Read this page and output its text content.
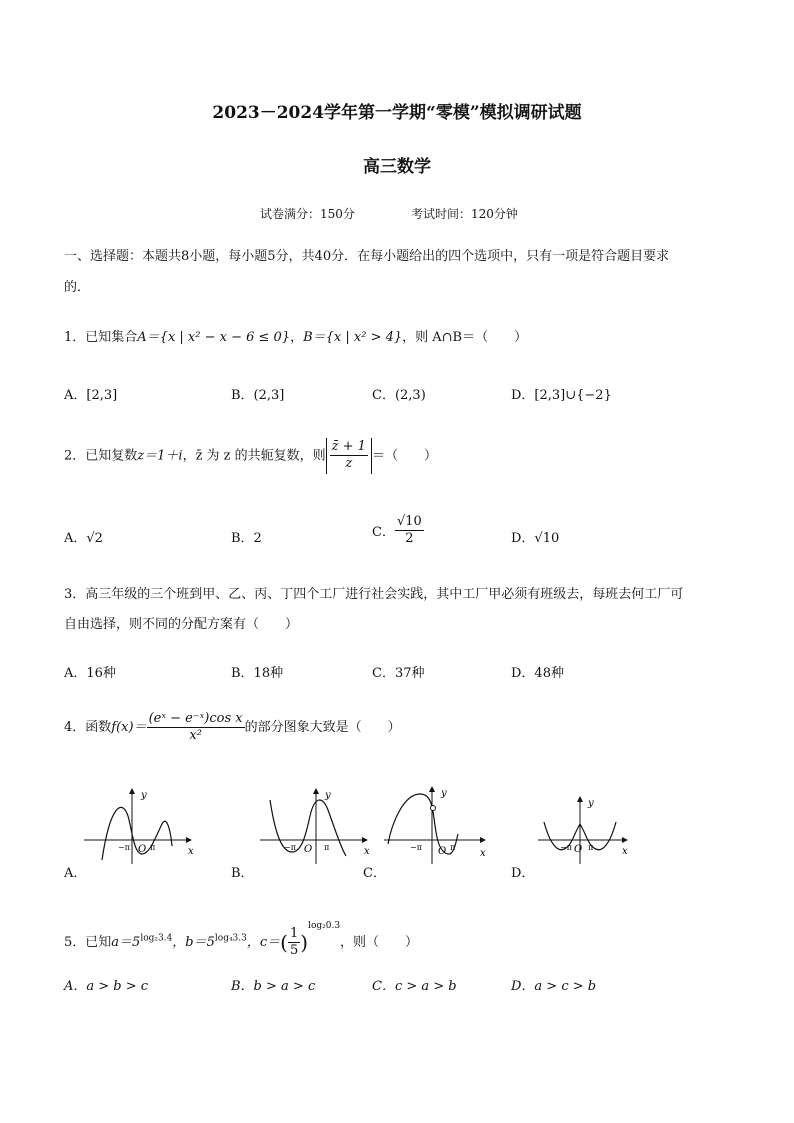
2023－2024学年第一学期“零模”模拟调研试题
高三数学
试卷满分：150分	考试时间：120分钟
一、选择题：本题共8小题，每小题5分，共40分．在每小题给出的四个选项中，只有一项是符合题目要求
的．
1．已知集合A＝{x | x² − x − 6 ≤ 0}，B＝{x | x² > 4}，则 A∩B＝（　　）
A．[2,3]	B．(2,3]	C．(2,3)	D．[2,3]∪{−2}
2．已知复数z＝1＋i，z̄ 为 z 的共轭复数，则 $\frac{z̄ + 1}{z}$ ＝（　　）
A．√2	B．2	C． $\frac{√10}{2}$	D．√10
3．高三年级的三个班到甲、乙、丙、丁四个工厂进行社会实践，其中工厂甲必须有班级去，每班去何工厂可
自由选择，则不同的分配方案有（　　）
A．16种	B．18种	C．37种	D．48种
4．函数$f(x)= \frac{\text{(eˣ − e⁻ˣ)cos x}}{\text{x²}}$ 的部分图象大致是（　　）
y
x
O
−π	π
A．
y
x
O
−π	π
B．
y
x
O
−π	π
C．
y
x
O
−π π
D．
5．已知$a=5^{log_23.4}$，$b=5^{log_43.3}$，$c=( \frac{1}{5} )^{log_20.3}$，则（　　）
A．a > b > c	B．b > a > c	C．c > a > b	D．a > c > b
